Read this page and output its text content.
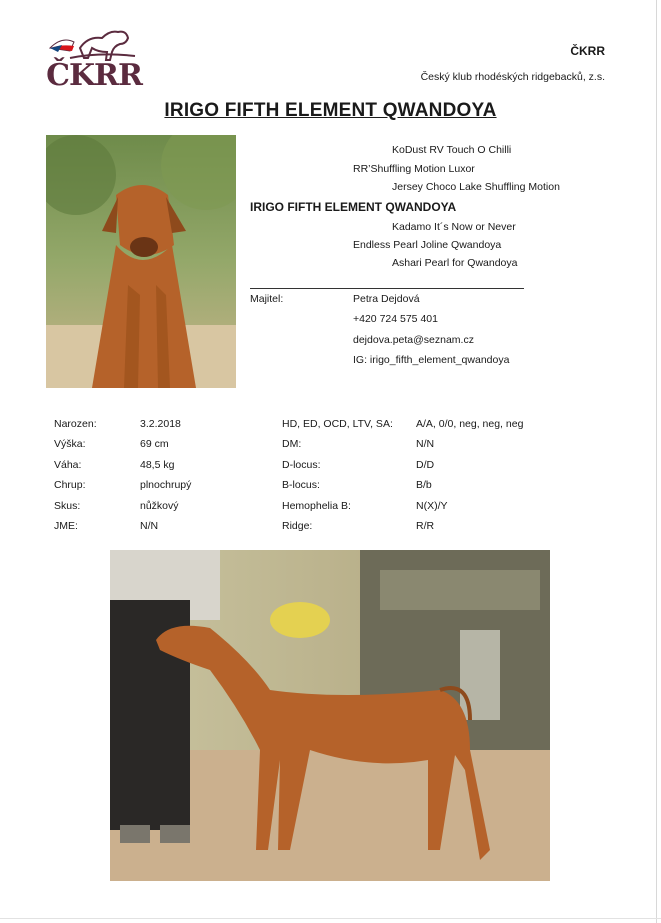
ČKRR
ČKRR
Český klub rhodéských ridgebacků, z.s.
IRIGO FIFTH ELEMENT QWANDOYA
KoDust RV Touch O Chilli
RR’Shuffling Motion Luxor
Jersey Choco Lake Shuffling Motion
IRIGO FIFTH ELEMENT QWANDOYA
Kadamo It´s Now or Never
Endless Pearl Joline Qwandoya
Ashari Pearl for Qwandoya
Majitel:	Petra Dejdová
+420 724 575 401
dejdova.peta@seznam.cz
IG: irigo_fifth_element_qwandoya
Narozen:	3.2.2018
Výška:	69 cm
Váha:	48,5 kg
Chrup:	plnochrupý
Skus:	nůžkový
JME:	N/N
HD, ED, OCD, LTV, SA: A/A, 0/0, neg, neg, neg
DM:	N/N
D-locus:	D/D
B-locus:	B/b
Hemophelia B:	N(X)/Y
Ridge:	R/R
